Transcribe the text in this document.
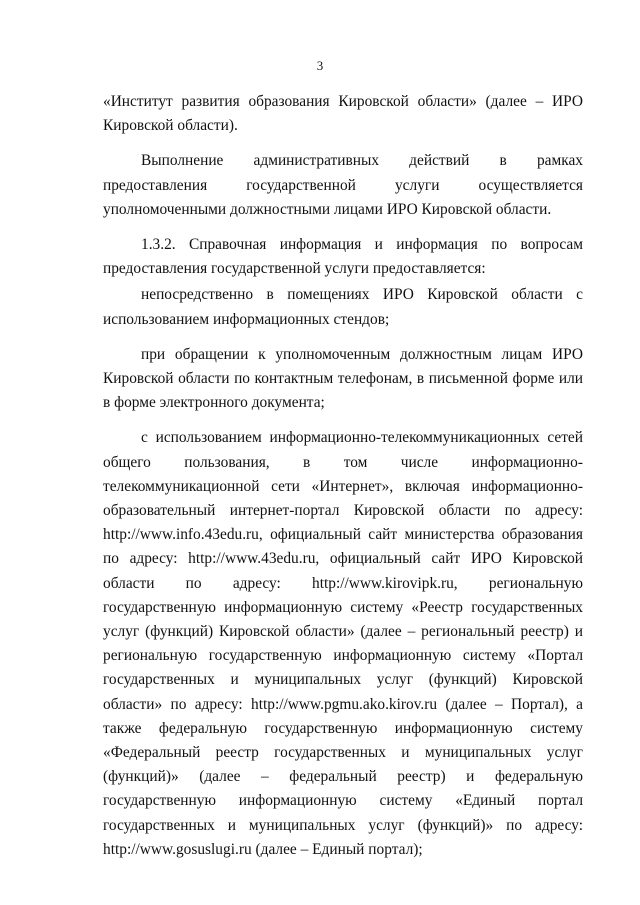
3

«Институт развития образования Кировской области» (далее – ИРО Кировской области).

Выполнение административных действий в рамках предоставления государственной услуги осуществляется уполномоченными должностными лицами ИРО Кировской области.

1.3.2. Справочная информация и информация по вопросам предоставления государственной услуги предоставляется:

непосредственно в помещениях ИРО Кировской области с использованием информационных стендов;

при обращении к уполномоченным должностным лицам ИРО Кировской области по контактным телефонам, в письменной форме или в форме электронного документа;

с использованием информационно-телекоммуникационных сетей общего пользования, в том числе информационно-телекоммуникационной сети «Интернет», включая информационно-образовательный интернет-портал Кировской области по адресу: http://www.info.43edu.ru, официальный сайт министерства образования по адресу: http://www.43edu.ru, официальный сайт ИРО Кировской области по адресу: http://www.kirovipk.ru, региональную государственную информационную систему «Реестр государственных услуг (функций) Кировской области» (далее – региональный реестр) и региональную государственную информационную систему «Портал государственных и муниципальных услуг (функций) Кировской области» по адресу: http://www.pgmu.ako.kirov.ru (далее – Портал), а также федеральную государственную информационную систему «Федеральный реестр государственных и муниципальных услуг (функций)» (далее – федеральный реестр) и федеральную государственную информационную систему «Единый портал государственных и муниципальных услуг (функций)» по адресу: http://www.gosuslugi.ru (далее – Единый портал);
